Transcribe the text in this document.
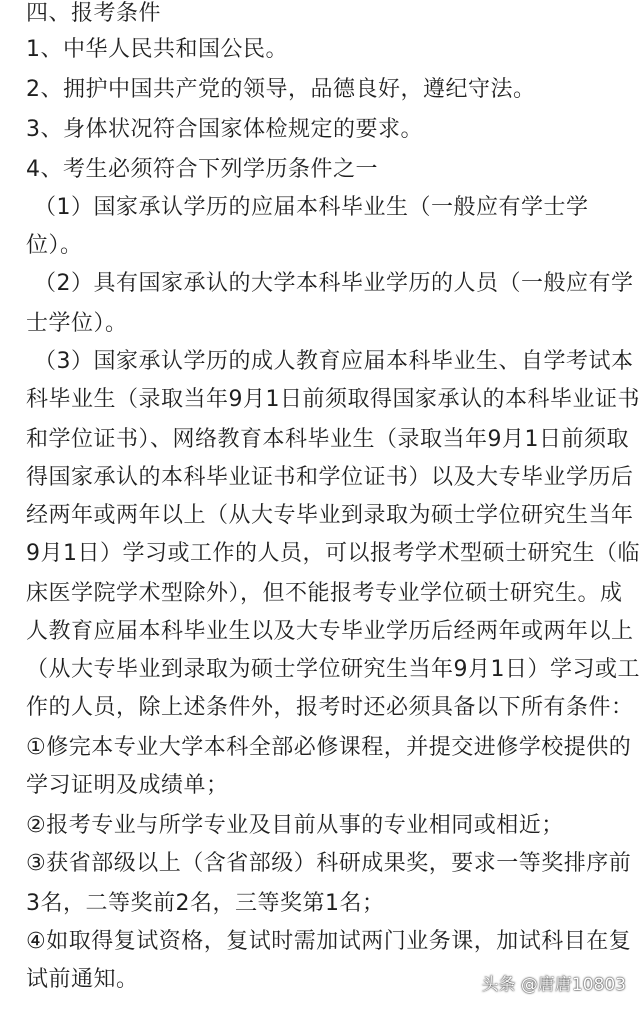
四、报考条件
1、中华人民共和国公民。
2、拥护中国共产党的领导，品德良好，遵纪守法。
3、身体状况符合国家体检规定的要求。
4、考生必须符合下列学历条件之一
（1）国家承认学历的应届本科毕业生（一般应有学士学
位）。
（2）具有国家承认的大学本科毕业学历的人员（一般应有学
士学位）。
（3）国家承认学历的成人教育应届本科毕业生、自学考试本
科毕业生（录取当年9月1日前须取得国家承认的本科毕业证书
和学位证书）、网络教育本科毕业生（录取当年9月1日前须取
得国家承认的本科毕业证书和学位证书）以及大专毕业学历后
经两年或两年以上（从大专毕业到录取为硕士学位研究生当年
9月1日）学习或工作的人员，可以报考学术型硕士研究生（临
床医学院学术型除外），但不能报考专业学位硕士研究生。成
人教育应届本科毕业生以及大专毕业学历后经两年或两年以上
（从大专毕业到录取为硕士学位研究生当年9月1日）学习或工
作的人员，除上述条件外，报考时还必须具备以下所有条件：
①修完本专业大学本科全部必修课程，并提交进修学校提供的
学习证明及成绩单；
②报考专业与所学专业及目前从事的专业相同或相近；
③获省部级以上（含省部级）科研成果奖，要求一等奖排序前
3名，二等奖前2名，三等奖第1名；
④如取得复试资格，复试时需加试两门业务课，加试科目在复
试前通知。	头条 @唐唐10803
